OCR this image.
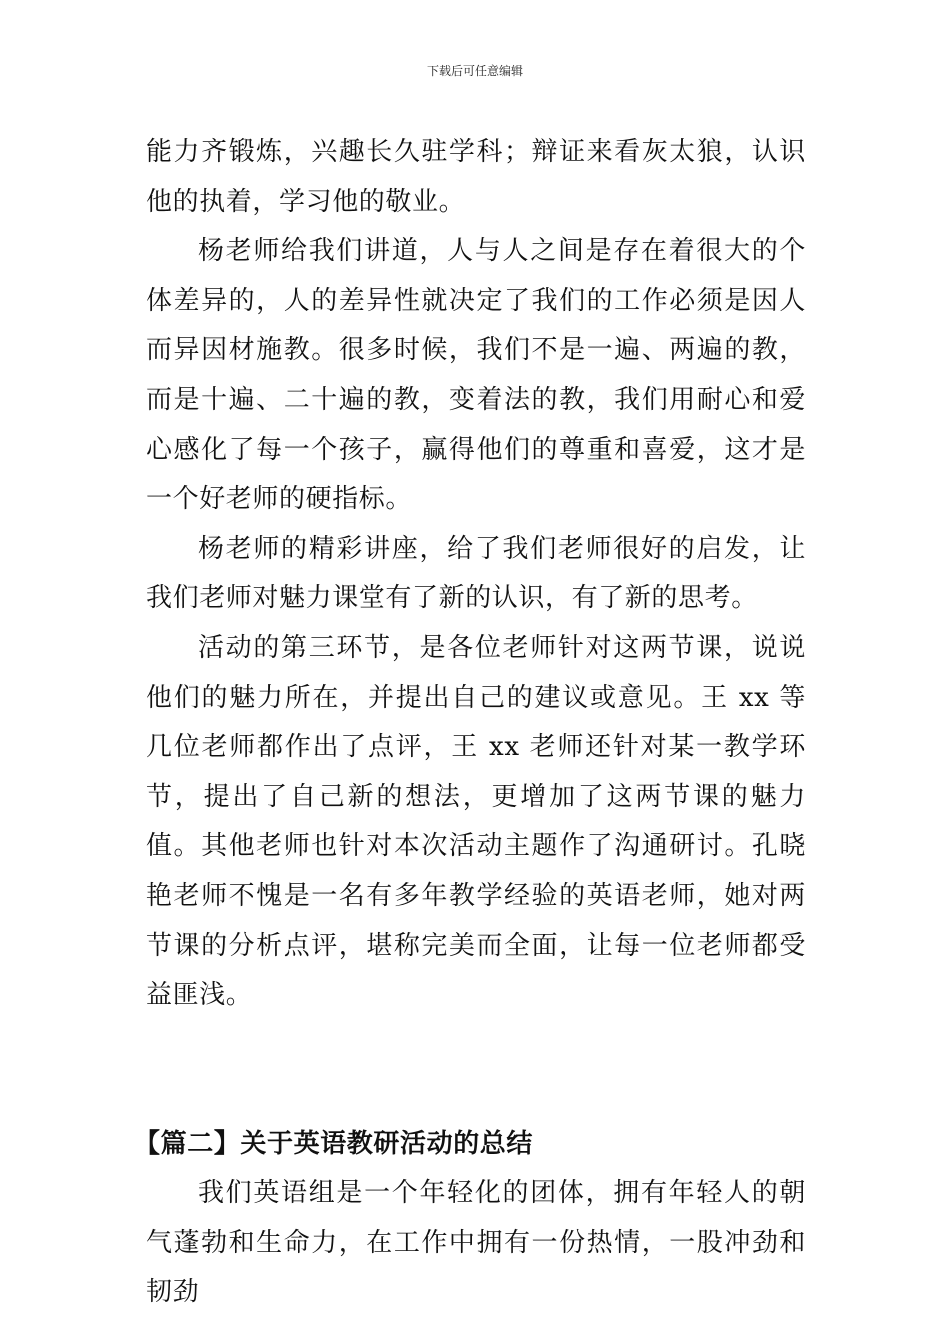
下载后可任意编辑

能力齐锻炼，兴趣长久驻学科；辩证来看灰太狼，认识他的执着，学习他的敬业。

杨老师给我们讲道，人与人之间是存在着很大的个体差异的，人的差异性就决定了我们的工作必须是因人而异因材施教。很多时候，我们不是一遍、两遍的教，而是十遍、二十遍的教，变着法的教，我们用耐心和爱心感化了每一个孩子，赢得他们的尊重和喜爱，这才是一个好老师的硬指标。

杨老师的精彩讲座，给了我们老师很好的启发，让我们老师对魅力课堂有了新的认识，有了新的思考。

活动的第三环节，是各位老师针对这两节课，说说他们的魅力所在，并提出自己的建议或意见。王 xx 等几位老师都作出了点评，王 xx 老师还针对某一教学环节，提出了自己新的想法，更增加了这两节课的魅力值。其他老师也针对本次活动主题作了沟通研讨。孔晓艳老师不愧是一名有多年教学经验的英语老师，她对两节课的分析点评，堪称完美而全面，让每一位老师都受益匪浅。

【篇二】关于英语教研活动的总结

我们英语组是一个年轻化的团体，拥有年轻人的朝气蓬勃和生命力，在工作中拥有一份热情，一股冲劲和韧劲
